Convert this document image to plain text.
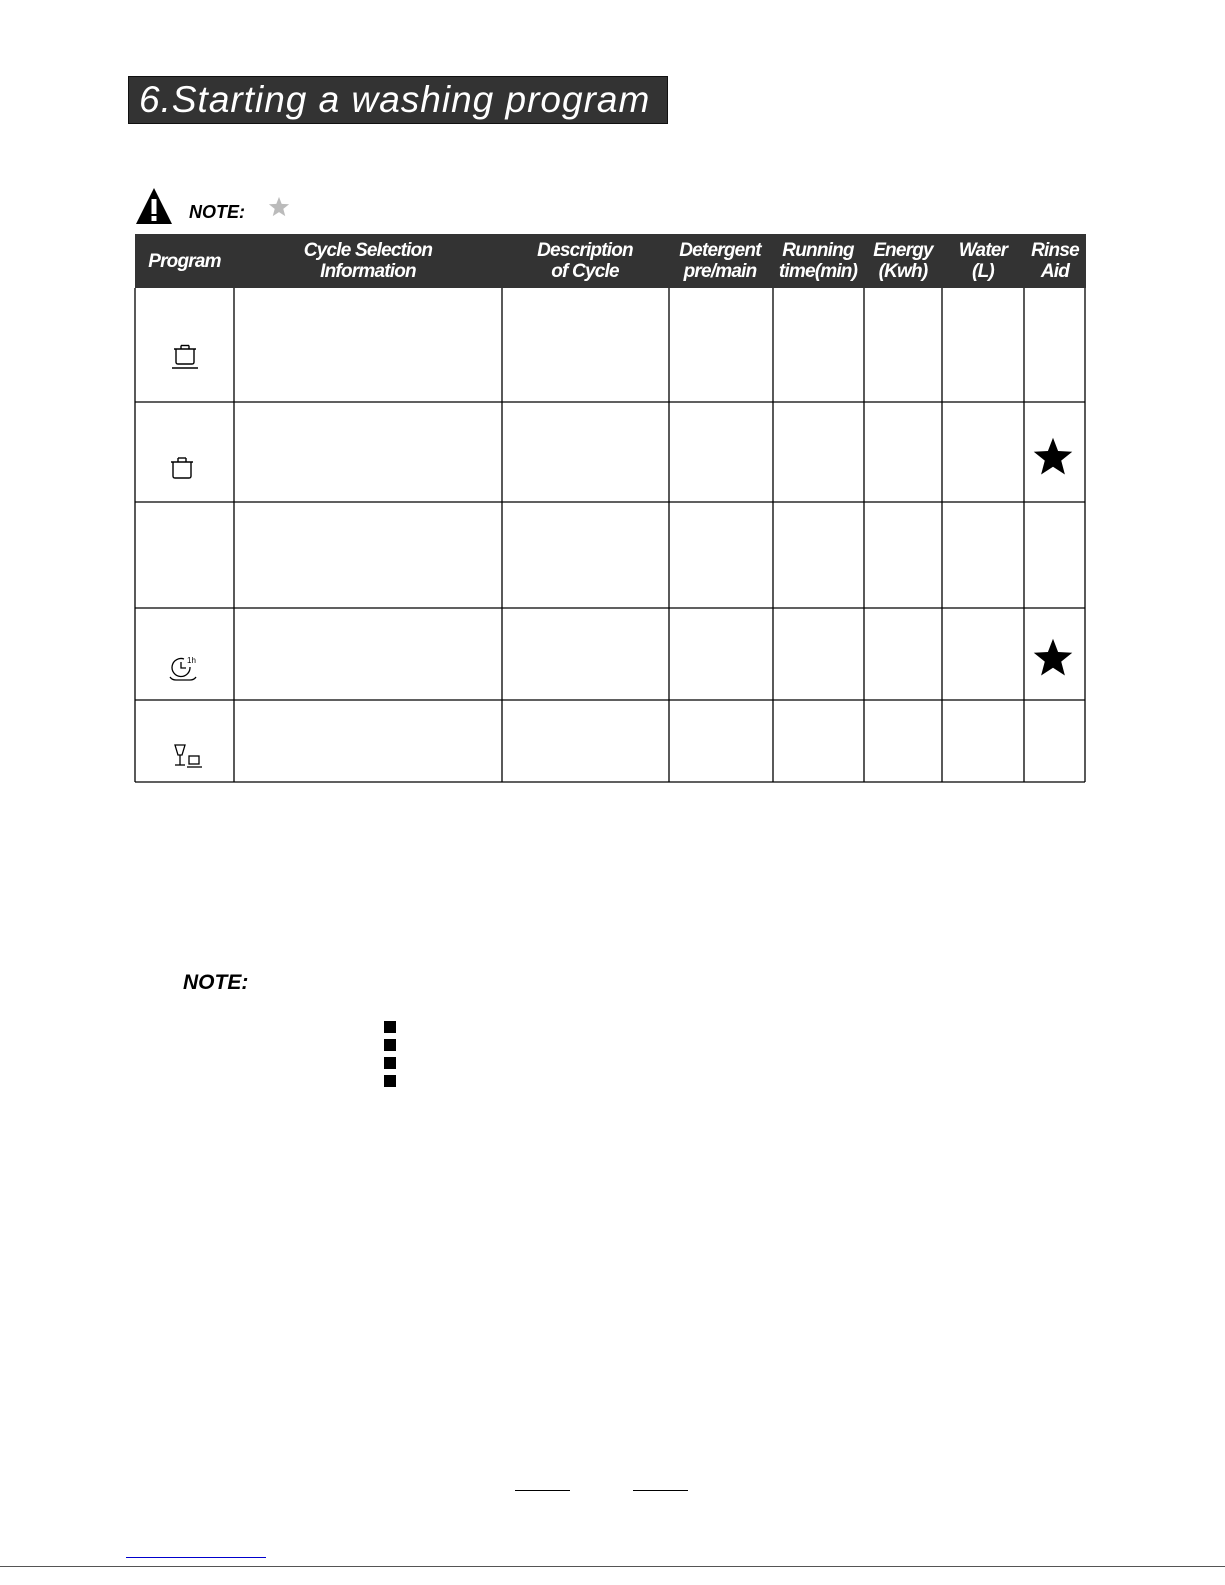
6.Starting a washing program
NOTE:
Program	Cycle Selection
Information
Description
of Cycle
Detergent
pre/main
Running
time(min)
Energy
(Kwh)
Water
(L)
Rinse
Aid
1h
NOTE:
